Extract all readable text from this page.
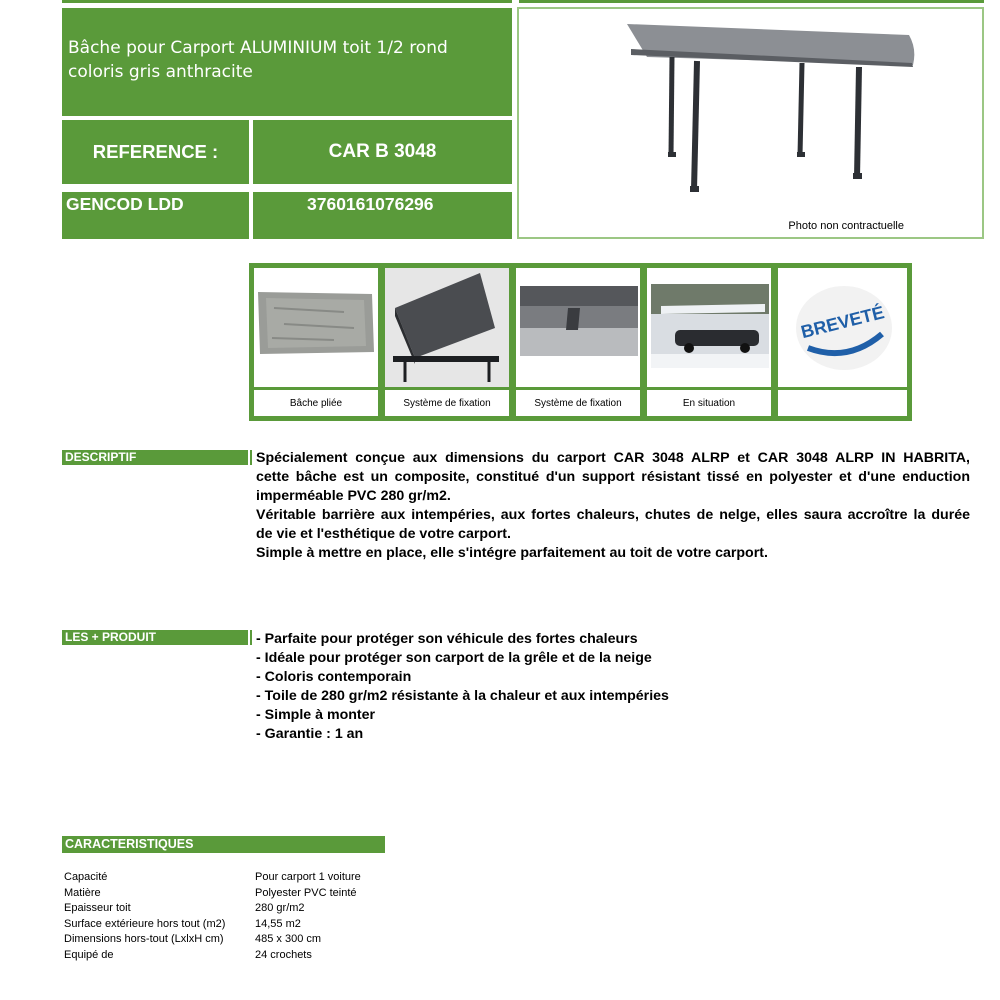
Bâche pour Carport ALUMINIUM toit 1/2 rond coloris gris anthracite
REFERENCE :	CAR B 3048
GENCOD LDD	3760161076296
Photo non contractuelle
Bâche pliée	Système de fixation	Système de fixation	En situation
BREVETÉ
DESCRIPTIF	Spécialement conçue aux dimensions du carport CAR 3048 ALRP et CAR 3048 ALRP IN HABRITA,
cette bâche est un composite, constitué d'un support résistant tissé en polyester et d'une enduction
imperméable PVC 280 gr/m2.
Véritable barrière aux intempéries, aux fortes chaleurs, chutes de nelge, elles saura accroître la durée
de vie et l'esthétique de votre carport.
Simple à mettre en place, elle s'intégre parfaitement au toit de votre carport.
LES + PRODUIT	- Parfaite pour protéger son véhicule des fortes chaleurs
- Idéale pour protéger son carport de la grêle et de la neige
- Coloris contemporain
- Toile de 280 gr/m2 résistante à la chaleur et aux intempéries
- Simple à monter
- Garantie : 1 an
CARACTERISTIQUES
Capacité	Pour carport 1 voiture
Matière	Polyester PVC teinté
Epaisseur toit	280 gr/m2
Surface extérieure hors tout (m2)	14,55 m2
Dimensions hors-tout (LxlxH cm)	485 x 300 cm
Equipé de	24 crochets
